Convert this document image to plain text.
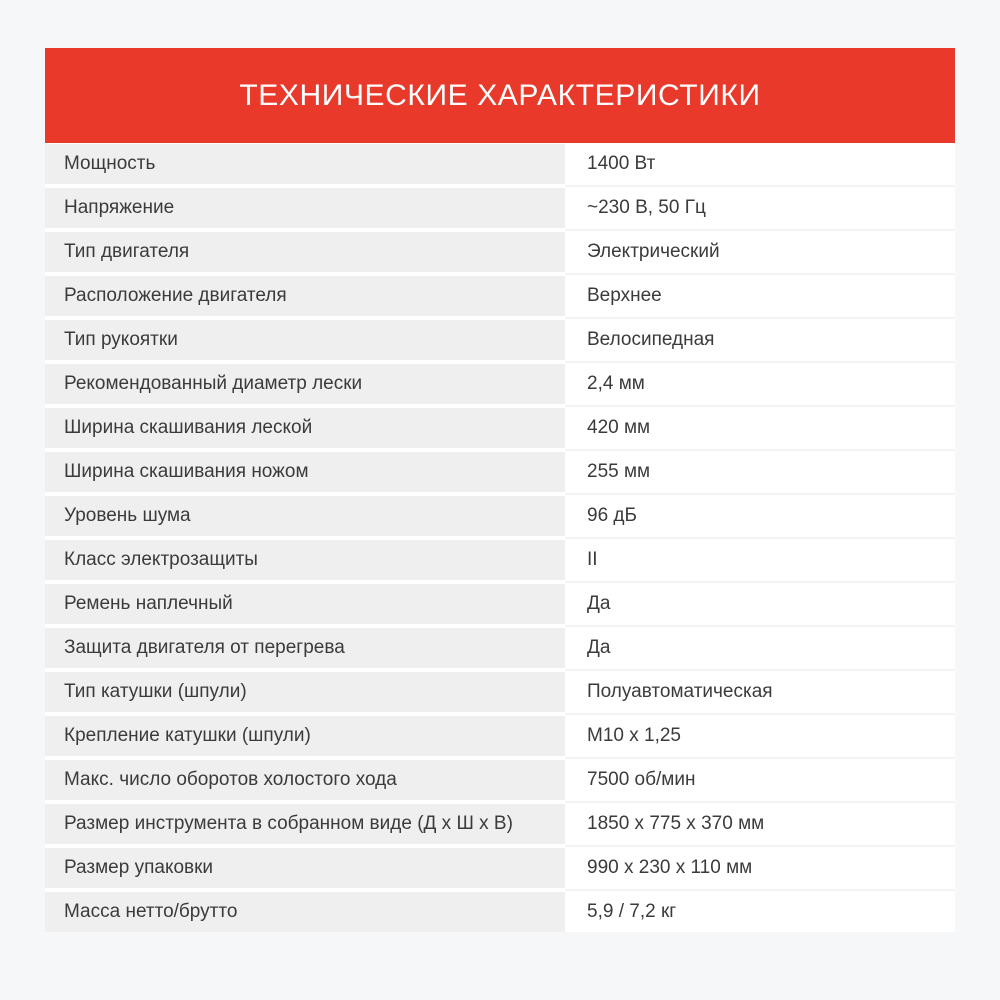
ТЕХНИЧЕСКИЕ ХАРАКТЕРИСТИКИ
Мощность	1400 Вт
Напряжение	~230 В, 50 Гц
Тип двигателя	Электрический
Расположение двигателя	Верхнее
Тип рукоятки	Велосипедная
Рекомендованный диаметр лески	2,4 мм
Ширина скашивания леской	420 мм
Ширина скашивания ножом	255 мм
Уровень шума	96 дБ
Класс электрозащиты	II
Ремень наплечный	Да
Защита двигателя от перегрева	Да
Тип катушки (шпули)	Полуавтоматическая
Крепление катушки (шпули)	М10 х 1,25
Макс. число оборотов холостого хода	7500 об/мин
Размер инструмента в собранном виде (Д х Ш х В)	1850 х 775 х 370 мм
Размер упаковки	990 х 230 х 110 мм
Масса нетто/брутто	5,9 / 7,2 кг
